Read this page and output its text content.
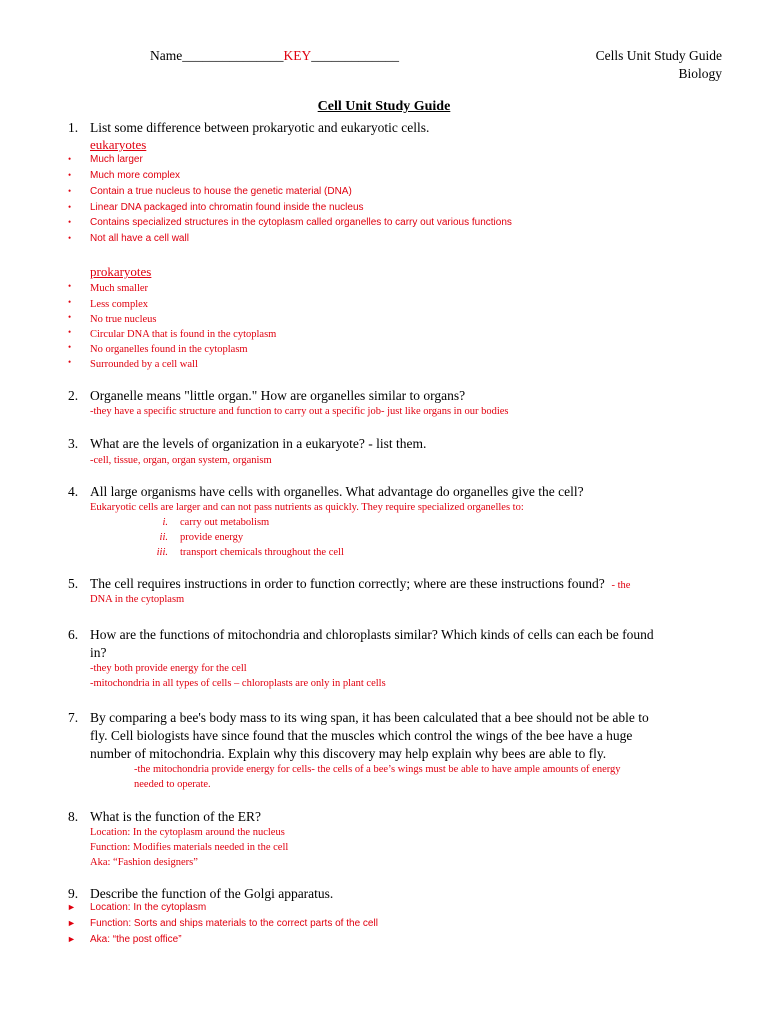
Name_______________KEY_____________	Cells Unit Study Guide
Biology
Cell Unit Study Guide
1. List some difference between prokaryotic and eukaryotic cells.
eukaryotes
• Much larger
• Much more complex
• Contain a true nucleus to house the genetic material (DNA)
• Linear DNA packaged into chromatin found inside the nucleus
• Contains specialized structures in the cytoplasm called organelles to carry out various functions
• Not all have a cell wall
prokaryotes
• Much smaller
• Less complex
• No true nucleus
• Circular DNA that is found in the cytoplasm
• No organelles found in the cytoplasm
• Surrounded by a cell wall
2. Organelle means "little organ." How are organelles similar to organs?
-they have a specific structure and function to carry out a specific job- just like organs in our bodies
3. What are the levels of organization in a eukaryote? - list them.
-cell, tissue, organ, organ system, organism
4. All large organisms have cells with organelles. What advantage do organelles give the cell?
Eukaryotic cells are larger and can not pass nutrients as quickly. They require specialized organelles to:
i. carry out metabolism
ii. provide energy
iii. transport chemicals throughout the cell
5. The cell requires instructions in order to function correctly; where are these instructions found? - the
DNA in the cytoplasm
6. How are the functions of mitochondria and chloroplasts similar? Which kinds of cells can each be found
in?
-they both provide energy for the cell
-mitochondria in all types of cells – chloroplasts are only in plant cells
7. By comparing a bee's body mass to its wing span, it has been calculated that a bee should not be able to
fly. Cell biologists have since found that the muscles which control the wings of the bee have a huge
number of mitochondria. Explain why this discovery may help explain why bees are able to fly.
-the mitochondria provide energy for cells- the cells of a bee’s wings must be able to have ample amounts of energy
needed to operate.
8. What is the function of the ER?
Location: In the cytoplasm around the nucleus
Function: Modifies materials needed in the cell
Aka: “Fashion designers”
9. Describe the function of the Golgi apparatus.
► Location: In the cytoplasm
► Function: Sorts and ships materials to the correct parts of the cell
► Aka: “the post office”
